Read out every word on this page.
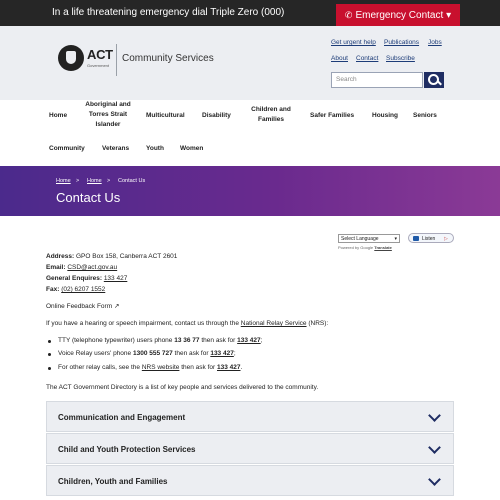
In a life threatening emergency dial Triple Zero (000)	✆ Emergency Contact ▾
ACT
Government
Community Services
Get urgent help Publications Jobs
About Contact Subscribe
Search
Home
Aboriginal and Torres Strait Islander
Multicultural	Disability
Children and Families
Safer Families	Housing Seniors
Community	Veterans	Youth Women
Home > Home > Contact Us
Contact Us
Select Language ▾
Powered by Google Translate
Listen ▷
Address: GPO Box 158, Canberra ACT 2601
Email: CSD@act.gov.au
General Enquires: 133 427
Fax: (02) 6207 1552
Online Feedback Form ↗
If you have a hearing or speech impairment, contact us through the National Relay Service (NRS):
TTY (telephone typewriter) users phone 13 36 77 then ask for 133 427;
Voice Relay users' phone 1300 555 727 then ask for 133 427;
For other relay calls, see the NRS website then ask for 133 427.
The ACT Government Directory is a list of key people and services delivered to the community.
Communication and Engagement
Child and Youth Protection Services
Children, Youth and Families
